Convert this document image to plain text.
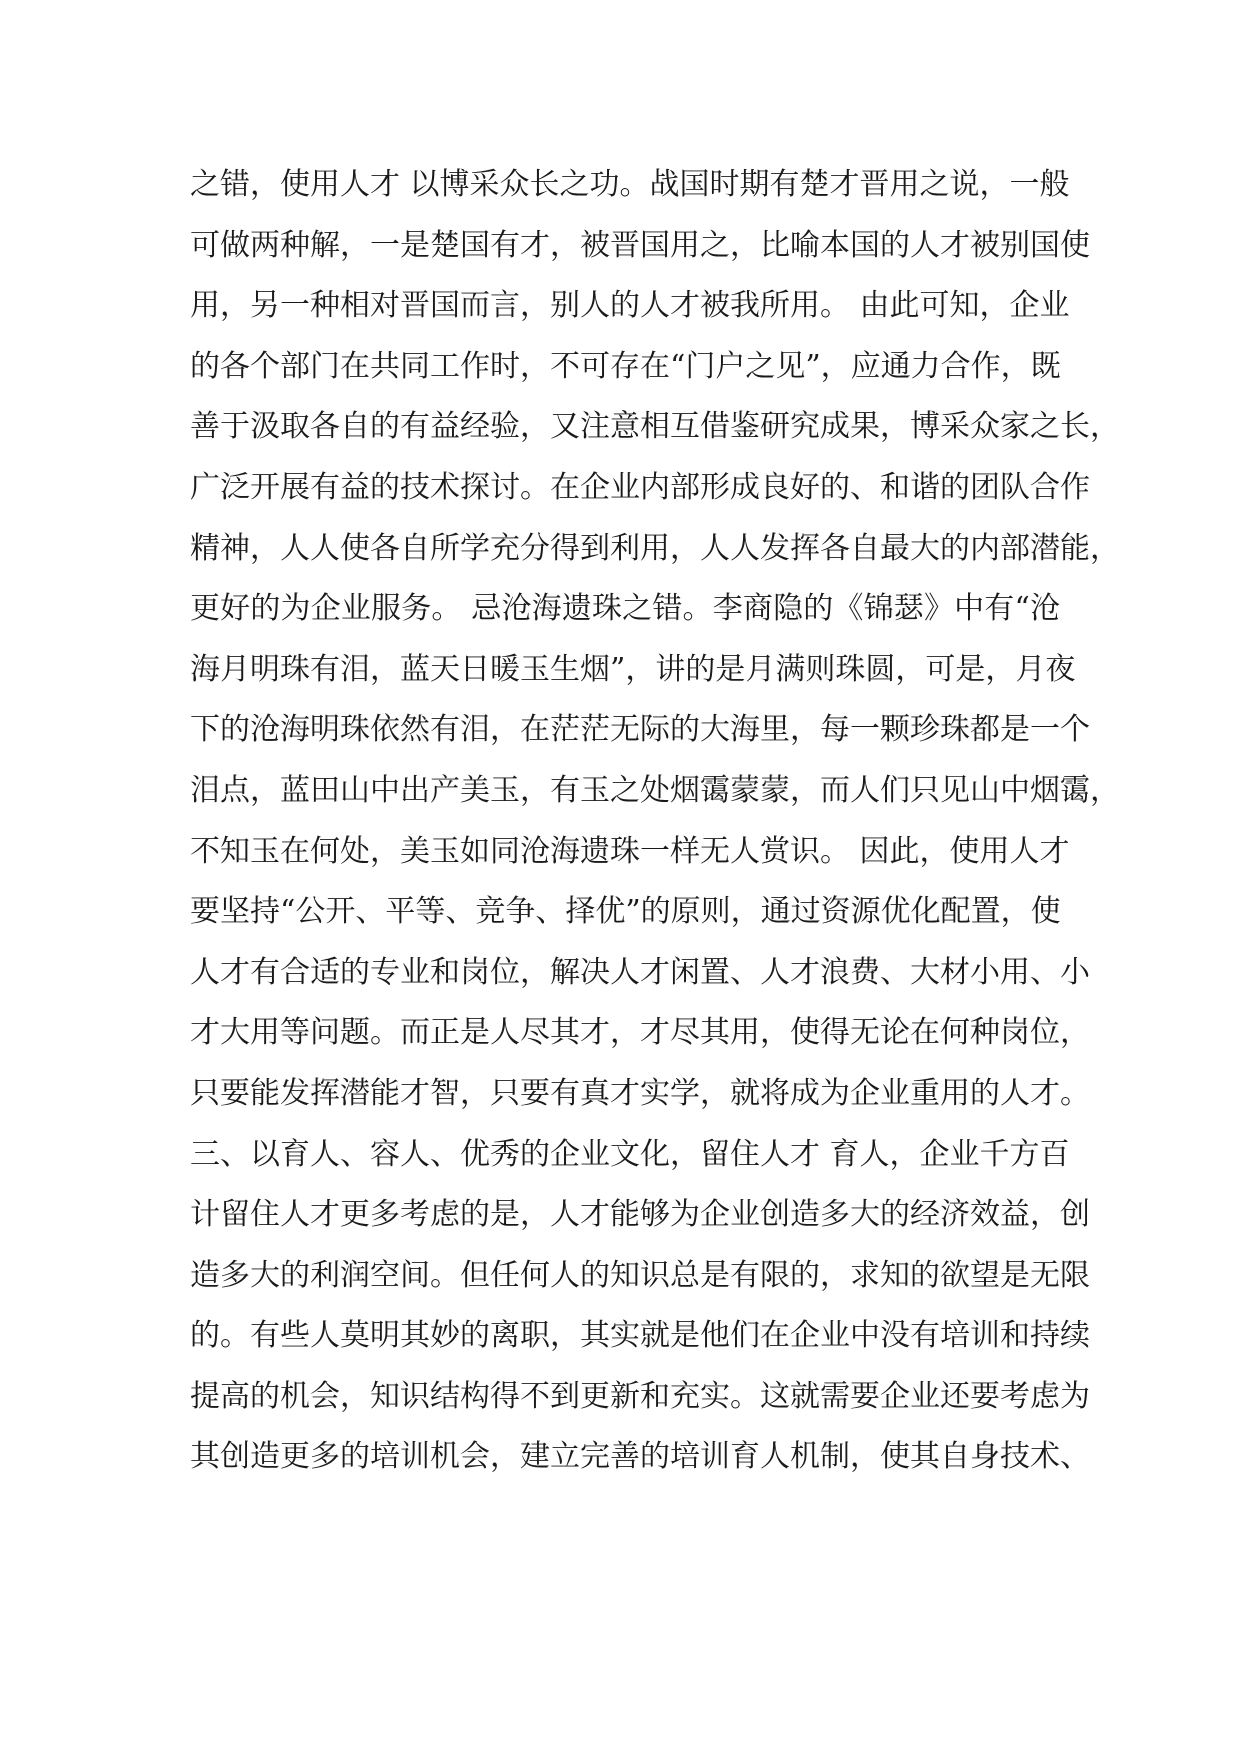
之错，使用人才 以博采众长之功。战国时期有楚才晋用之说，一般
可做两种解，一是楚国有才，被晋国用之，比喻本国的人才被别国使
用，另一种相对晋国而言，别人的人才被我所用。 由此可知，企业
的各个部门在共同工作时，不可存在“门户之见”，应通力合作，既
善于汲取各自的有益经验，又注意相互借鉴研究成果，博采众家之长，
广泛开展有益的技术探讨。在企业内部形成良好的、和谐的团队合作
精神，人人使各自所学充分得到利用，人人发挥各自最大的内部潜能，
更好的为企业服务。 忌沧海遗珠之错。李商隐的《锦瑟》中有“沧
海月明珠有泪，蓝天日暖玉生烟”，讲的是月满则珠圆，可是，月夜
下的沧海明珠依然有泪，在茫茫无际的大海里，每一颗珍珠都是一个
泪点，蓝田山中出产美玉，有玉之处烟霭蒙蒙，而人们只见山中烟霭，
不知玉在何处，美玉如同沧海遗珠一样无人赏识。 因此，使用人才
要坚持“公开、平等、竞争、择优”的原则，通过资源优化配置，使
人才有合适的专业和岗位，解决人才闲置、人才浪费、大材小用、小
才大用等问题。而正是人尽其才，才尽其用，使得无论在何种岗位，
只要能发挥潜能才智，只要有真才实学，就将成为企业重用的人才。
三、以育人、容人、优秀的企业文化，留住人才 育人，企业千方百
计留住人才更多考虑的是，人才能够为企业创造多大的经济效益，创
造多大的利润空间。但任何人的知识总是有限的，求知的欲望是无限
的。有些人莫明其妙的离职，其实就是他们在企业中没有培训和持续
提高的机会，知识结构得不到更新和充实。这就需要企业还要考虑为
其创造更多的培训机会，建立完善的培训育人机制，使其自身技术、
